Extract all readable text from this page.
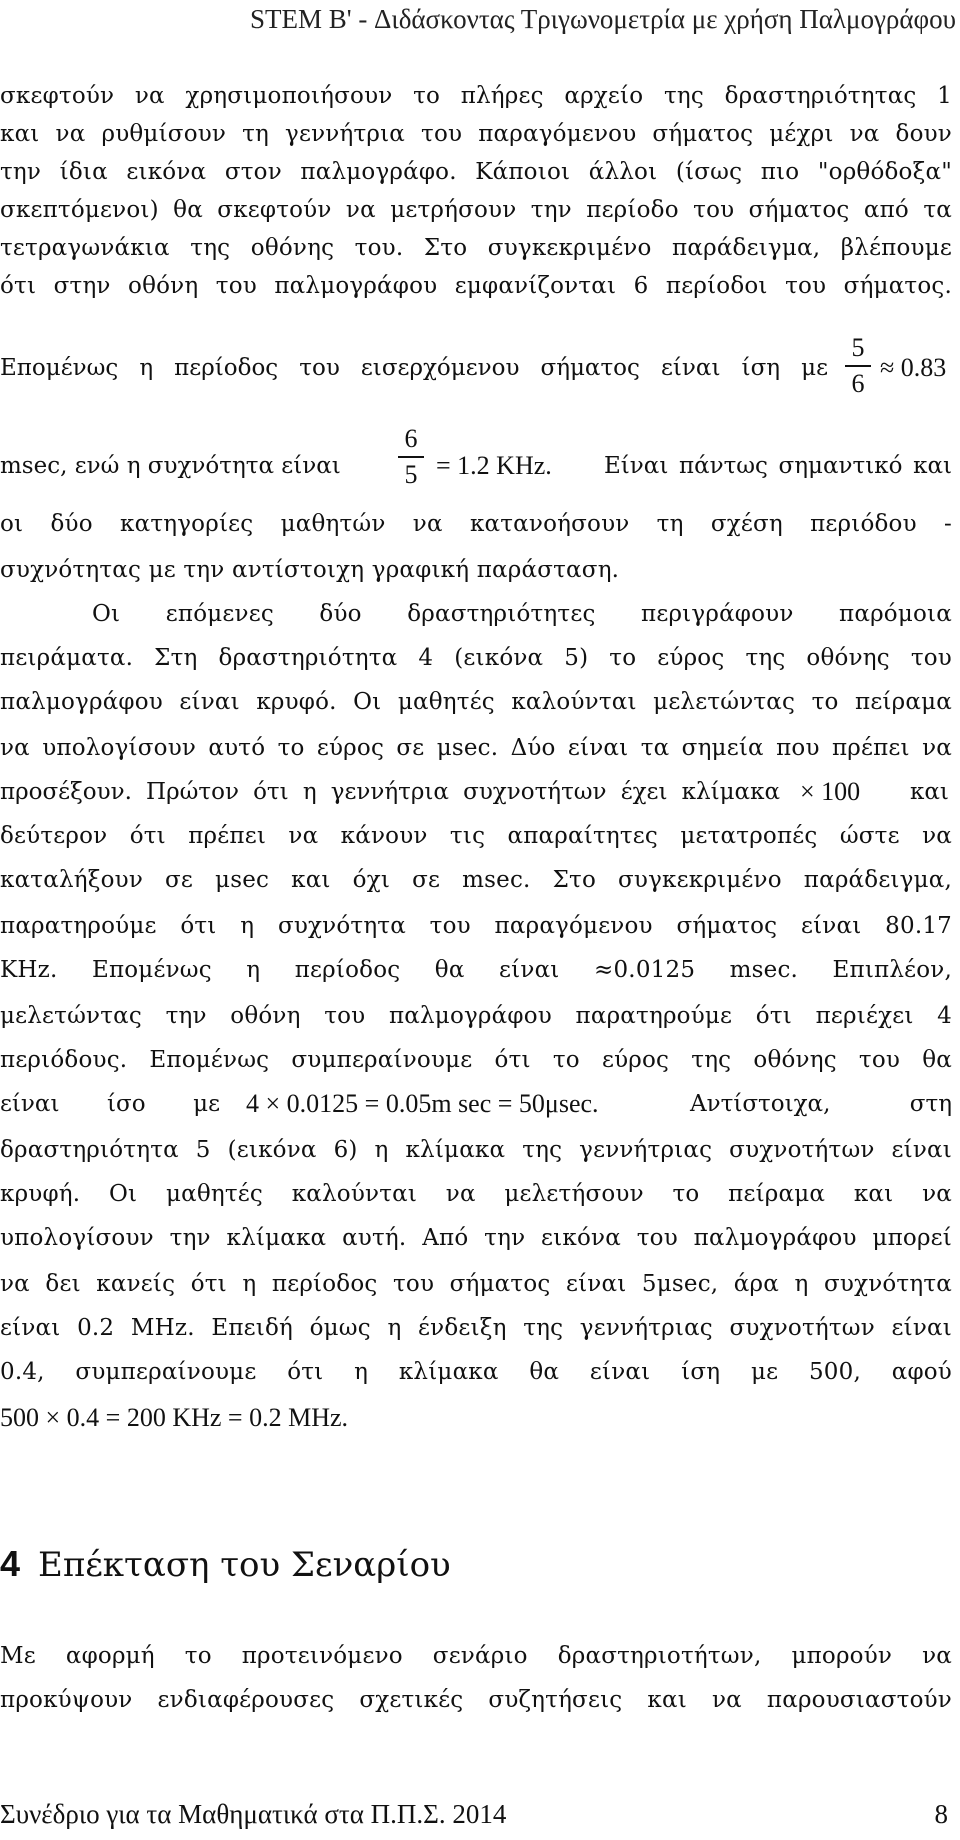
STEM B' - Διδάσκοντας Τριγωνομετρία με χρήση Παλμογράφου
σκεφτούν να χρησιμοποιήσουν το πλήρες αρχείο της δραστηριότητας 1
και να ρυθμίσουν τη γεννήτρια του παραγόμενου σήματος μέχρι να δουν
την ίδια εικόνα στον παλμογράφο. Κάποιοι άλλοι (ίσως πιο "ορθόδοξα"
σκεπτόμενοι) θα σκεφτούν να μετρήσουν την περίοδο του σήματος από τα
τετραγωνάκια της οθόνης του. Στο συγκεκριμένο παράδειγμα, βλέπουμε
ότι στην οθόνη του παλμογράφου εμφανίζονται 6 περίοδοι του σήματος.
Επομένως η περίοδος του εισερχόμενου σήματος είναι ίση με
5
6
≈ 0.83
msec, ενώ η συχνότητα είναι
6
5 = 1.2 KHz. Είναι πάντως σημαντικό και
οι δύο κατηγορίες μαθητών να κατανοήσουν τη σχέση περιόδου -
συχνότητας με την αντίστοιχη γραφική παράσταση.
Οι επόμενες δύο δραστηριότητες περιγράφουν παρόμοια
πειράματα. Στη δραστηριότητα 4 (εικόνα 5) το εύρος της οθόνης του
παλμογράφου είναι κρυφό. Οι μαθητές καλούνται μελετώντας το πείραμα
να υπολογίσουν αυτό το εύρος σε μsec. Δύο είναι τα σημεία που πρέπει να
προσέξουν. Πρώτον ότι η γεννήτρια συχνοτήτων έχει κλίμακα × 100 και
δεύτερον ότι πρέπει να κάνουν τις απαραίτητες μετατροπές ώστε να
καταλήξουν σε μsec και όχι σε msec. Στο συγκεκριμένο παράδειγμα,
παρατηρούμε ότι η συχνότητα του παραγόμενου σήματος είναι 80.17
KHz. Επομένως η περίοδος θα είναι ≈0.0125 msec. Επιπλέον,
μελετώντας την οθόνη του παλμογράφου παρατηρούμε ότι περιέχει 4
περιόδους. Επομένως συμπεραίνουμε ότι το εύρος της οθόνης του θα
είναι ίσο με 4 × 0.0125 = 0.05m sec = 50μsec.	Αντίστοιχα, στη
δραστηριότητα 5 (εικόνα 6) η κλίμακα της γεννήτριας συχνοτήτων είναι
κρυφή. Οι μαθητές καλούνται να μελετήσουν το πείραμα και να
υπολογίσουν την κλίμακα αυτή. Από την εικόνα του παλμογράφου μπορεί
να δει κανείς ότι η περίοδος του σήματος είναι 5μsec, άρα η συχνότητα
είναι 0.2 MHz. Επειδή όμως η ένδειξη της γεννήτριας συχνοτήτων είναι
0.4, συμπεραίνουμε ότι η κλίμακα θα είναι ίση με 500, αφού
500 × 0.4 = 200 KHz = 0.2 MHz.
4 Επέκταση του Σεναρίου
Με αφορμή το προτεινόμενο σενάριο δραστηριοτήτων, μπορούν να
προκύψουν ενδιαφέρουσες σχετικές συζητήσεις και να παρουσιαστούν
Συνέδριο για τα Μαθηματικά στα Π.Π.Σ. 2014	8
